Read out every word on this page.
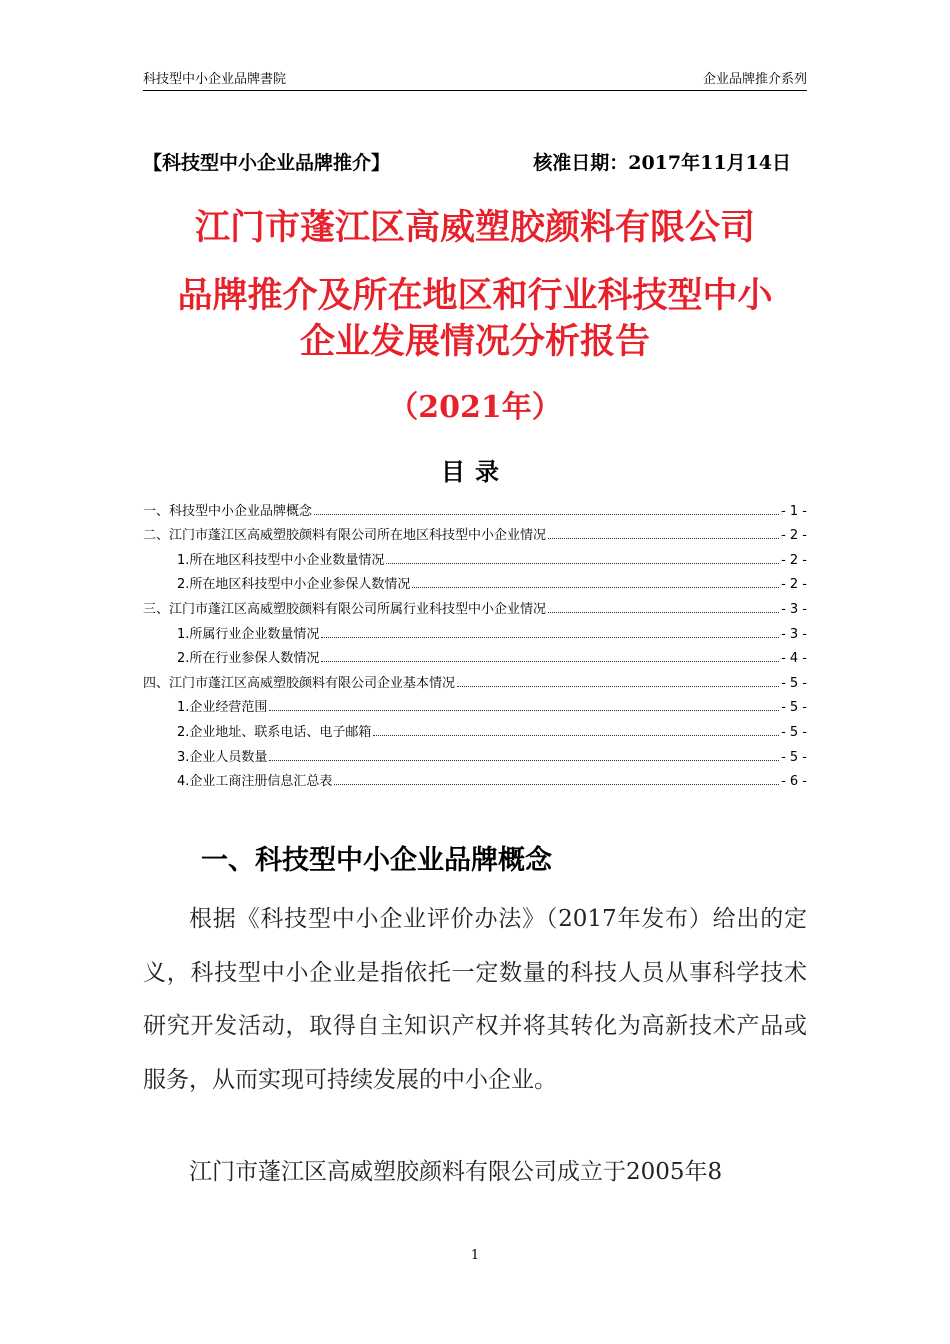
科技型中小企业品牌書院	企业品牌推介系列
【科技型中小企业品牌推介】	核准日期：2017年11月14日
江门市蓬江区高威塑胶颜料有限公司
品牌推介及所在地区和行业科技型中小
企业发展情况分析报告
（2021年）
目录
一、科技型中小企业品牌概念	- 1 -
二、江门市蓬江区高威塑胶颜料有限公司所在地区科技型中小企业情况	- 2 -
1.所在地区科技型中小企业数量情况	- 2 -
2.所在地区科技型中小企业参保人数情况	- 2 -
三、江门市蓬江区高威塑胶颜料有限公司所属行业科技型中小企业情况	- 3 -
1.所属行业企业数量情况	- 3 -
2.所在行业参保人数情况	- 4 -
四、江门市蓬江区高威塑胶颜料有限公司企业基本情况	- 5 -
1.企业经营范围	- 5 -
2.企业地址、联系电话、电子邮箱	- 5 -
3.企业人员数量	- 5 -
4.企业工商注册信息汇总表	- 6 -
一、科技型中小企业品牌概念
根据《科技型中小企业评价办法》（2017年发布）给出的定义，科技型中小企业是指依托一定数量的科技人员从事科学技术研究开发活动，取得自主知识产权并将其转化为高新技术产品或服务，从而实现可持续发展的中小企业。
江门市蓬江区高威塑胶颜料有限公司成立于2005年8
1
